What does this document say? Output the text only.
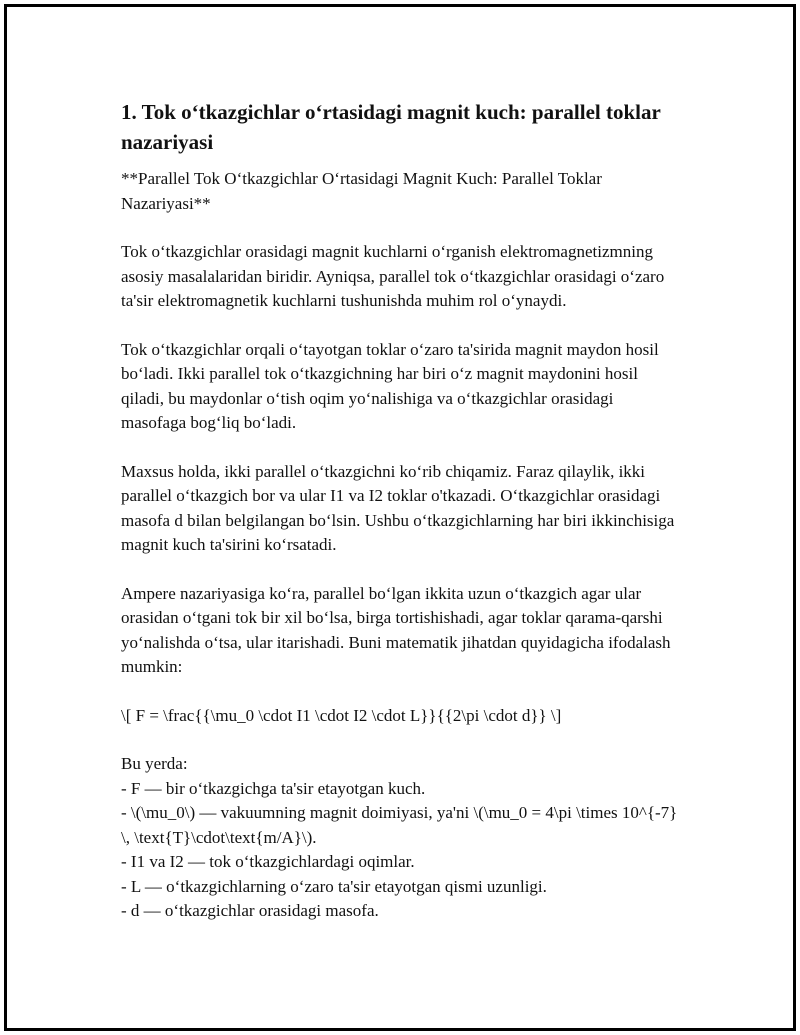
1. Tok o‘tkazgichlar o‘rtasidagi magnit kuch: parallel toklar nazariyasi

**Parallel Tok O‘tkazgichlar O‘rtasidagi Magnit Kuch: Parallel Toklar Nazariyasi**

Tok o‘tkazgichlar orasidagi magnit kuchlarni o‘rganish elektromagnetizmning asosiy masalalaridan biridir. Ayniqsa, parallel tok o‘tkazgichlar orasidagi o‘zaro ta'sir elektromagnetik kuchlarni tushunishda muhim rol o‘ynaydi.

Tok o‘tkazgichlar orqali o‘tayotgan toklar o‘zaro ta'sirida magnit maydon hosil bo‘ladi. Ikki parallel tok o‘tkazgichning har biri o‘z magnit maydonini hosil qiladi, bu maydonlar o‘tish oqim yo‘nalishiga va o‘tkazgichlar orasidagi masofaga bog‘liq bo‘ladi.

Maxsus holda, ikki parallel o‘tkazgichni ko‘rib chiqamiz. Faraz qilaylik, ikki parallel o‘tkazgich bor va ular I1 va I2 toklar o'tkazadi. O‘tkazgichlar orasidagi masofa d bilan belgilangan bo‘lsin. Ushbu o‘tkazgichlarning har biri ikkinchisiga magnit kuch ta'sirini ko‘rsatadi.

Ampere nazariyasiga ko‘ra, parallel bo‘lgan ikkita uzun o‘tkazgich agar ular orasidan o‘tgani tok bir xil bo‘lsa, birga tortishishadi, agar toklar qarama-qarshi yo‘nalishda o‘tsa, ular itarishadi. Buni matematik jihatdan quyidagicha ifodalash mumkin:

\[ F = \frac{{\mu_0 \cdot I1 \cdot I2 \cdot L}}{{2\pi \cdot d}} \]

Bu yerda:

- F — bir o‘tkazgichga ta'sir etayotgan kuch.

- \(\mu_0\) — vakuumning magnit doimiyasi, ya'ni \(\mu_0 = 4\pi \times 10^{-7} \, \text{T}\cdot\text{m/A}\).

- I1 va I2 — tok o‘tkazgichlardagi oqimlar.

- L — o‘tkazgichlarning o‘zaro ta'sir etayotgan qismi uzunligi.

- d — o‘tkazgichlar orasidagi masofa.
